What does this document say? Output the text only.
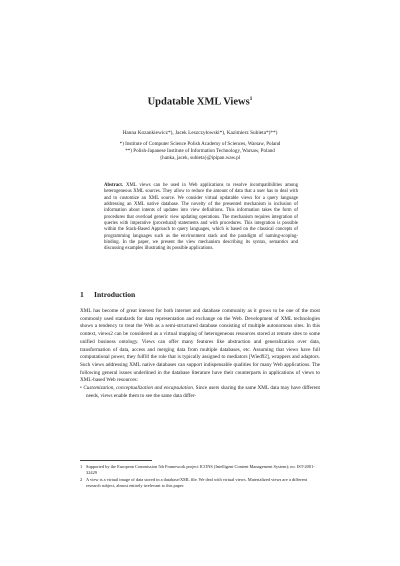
Updatable XML Views$^1$
Hanna Kozankiewicz*), Jacek Leszczyłowski*), Kazimierz Subieta*)**)
*) Institute of Computer Science Polish Academy of Sciences, Warsaw, Poland
**) Polish-Japanese Institute of Information Technology, Warsaw, Poland
{hanka, jacek, subieta}@ipipan.waw.pl
Abstract. XML views can be used in Web applications to resolve incompatibilities among heterogeneous XML sources. They allow to reduce the amount of data that a user has to deal with and to customize an XML source. We consider virtual updatable views for a query language addressing an XML native database. The novelty of the presented mechanism is inclusion of information about intents of updates into view definitions. This information takes the form of procedures that overload generic view updating operations. The mechanism requires integration of queries with imperative (procedural) statements and with procedures. This integration is possible within the Stack-Based Approach to query languages, which is based on the classical concepts of programming languages such as the environment stack and the paradigm of naming-scoping-binding. In the paper, we present the view mechanism describing its syntax, semantics and discussing examples illustrating its possible applications.
1 Introduction
XML has become of great interest for both internet and database community as it grows to be one of the most commonly used standards for data representation and exchange on the Web. Development of XML technologies shows a tendency to treat the Web as a semi-structured database consisting of multiple autonomous sites. In this context, views2 can be considered as a virtual mapping of heterogeneous resources stored at remote sites to some unified business ontology. Views can offer many features like abstraction and generalization over data, transformation of data, access and merging data from multiple databases, etc. Assuming that views have full computational power, they fulfill the role that is typically assigned to mediators [Wied92], wrappers and adaptors. Such views addressing XML native databases can support indispensable qualities for many Web applications. The following general issues underlined in the database literature have their counterparts in applications of views to XML-based Web resources:
• Customization, conceptualization and encapsulation. Since users sharing the same XML data may have different needs, views enable them to see the same data differ-
1 Supported by the European Commission 5th Framework project ICONS (Intelligent Content Management System); no. IST-2001-32429
2 A view is a virtual image of data stored in a database/XML file. We deal with virtual views. Materialized views are a different research subject, almost entirely irrelevant to this paper.
